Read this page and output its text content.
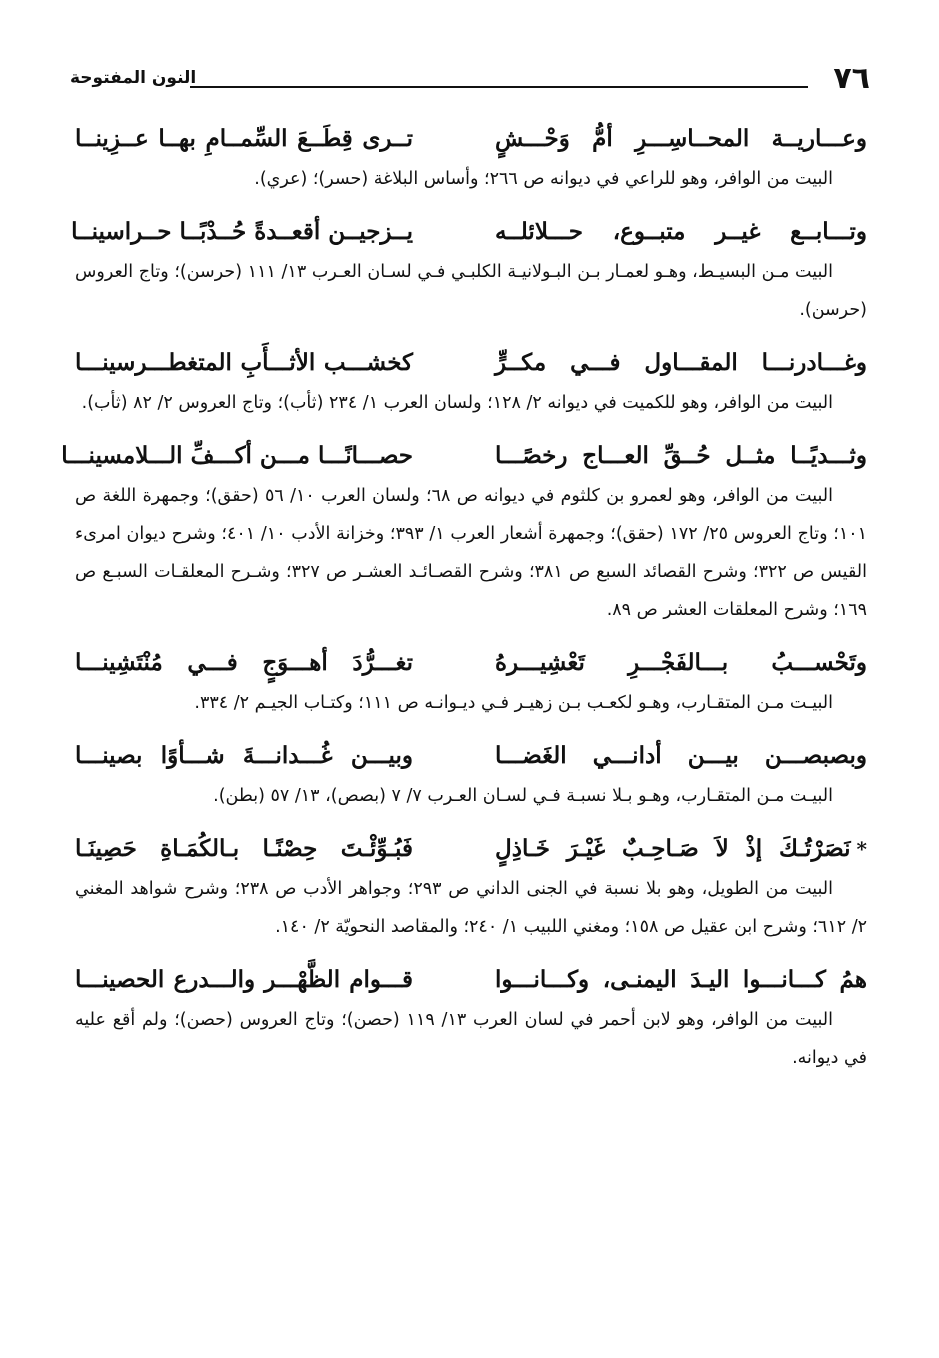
٧٦
النون المفتوحة
وعـــاريــة المحــاسِـــرِ أمُّ وَحْـــشٍ
تــرى قِطَــعَ السِّمــامِ بهــا عــزِينــا

البيت من الوافر، وهو للراعي في ديوانه ص ٢٦٦؛ وأساس البلاغة (حسر)؛ (عري).

وتـــابــع غيــر متبــوع، حـــلائلــه
يــزجيــن أقعــدةً حُــدْبًــا حــراسينــا

البيت مـن البسيـط، وهـو لعمـار بـن البـولانيـة الكلبـي فـي لسـان العـرب ١٣/ ١١١ (حرسن)؛ وتاج العروس (حرسن).

وغـــادرنـــا المقـــاول فـــي مكــرٍّ
كخشـــب الأثـــأَبِ المتغطـــرسينـــا

البيت من الوافر، وهو للكميت في ديوانه ٢/ ١٢٨؛ ولسان العرب ١/ ٢٣٤ (ثأب)؛ وتاج العروس ٢/ ٨٢ (ثأب).

وثـــديًــا مثــل حُــقِّ العـــاج رخصًـــا
حصـــانًـــا مـــن أكـــفِّ الـــلامسينـــا

البيت من الوافر، وهو لعمرو بن كلثوم في ديوانه ص ٦٨؛ ولسان العرب ١٠/ ٥٦ (حقق)؛ وجمهرة اللغة ص ١٠١؛ وتاج العروس ٢٥/ ١٧٢ (حقق)؛ وجمهرة أشعار العرب ١/ ٣٩٣؛ وخزانة الأدب ١٠/ ٤٠١؛ وشرح ديوان امرىء القيس ص ٣٢٢؛ وشرح القصائد السبع ص ٣٨١؛ وشرح القصـائـد العشـر ص ٣٢٧؛ وشـرح المعلقـات السبـع ص ١٦٩؛ وشرح المعلقات العشر ص ٨٩.

وتَحْســـبُ بـــالفَجْـــرِ تَعْشِيـــرهُ
تغـــرُّدَ أهـــوَجٍ فـــي مُنْتَشِينـــا

البيـت مـن المتقـارب، وهـو لكعـب بـن زهيـر فـي ديـوانـه ص ١١١؛ وكتـاب الجيـم ٢/ ٣٣٤.

وبصبصـــن بيـــن أدانـــي الغَضـــا
وبيـــن غُـــدانـــةَ شـــأوًا بصينـــا

البيـت مـن المتقـارب، وهـو بـلا نسبـة فـي لسـان العـرب ٧/ ٧ (بصص)، ١٣/ ٥٧ (بطن).

*نَصَرْتُـكَ إذْ لاَ صَـاحِـبٌ غَيْـرَ خَـاذِلٍ
فَبُـوِّئْـتَ حِصْنًـا بـالكُمَـاةِ حَصِينَـا

البيت من الطويل، وهو بلا نسبة في الجنى الداني ص ٢٩٣؛ وجواهر الأدب ص ٢٣٨؛ وشرح شواهد المغني ٢/ ٦١٢؛ وشرح ابن عقيل ص ١٥٨؛ ومغني اللبيب ١/ ٢٤٠؛ والمقاصد النحويّة ٢/ ١٤٠.

همُ كـــانـــوا اليـدَ اليمنـى، وكـــانـــوا
قـــوام الظَّهْـــر والـــدرع الحصينـــا

البيت من الوافر، وهو لابن أحمر في لسان العرب ١٣/ ١١٩ (حصن)؛ وتاج العروس (حصن)؛ ولم أقع عليه في ديوانه.
